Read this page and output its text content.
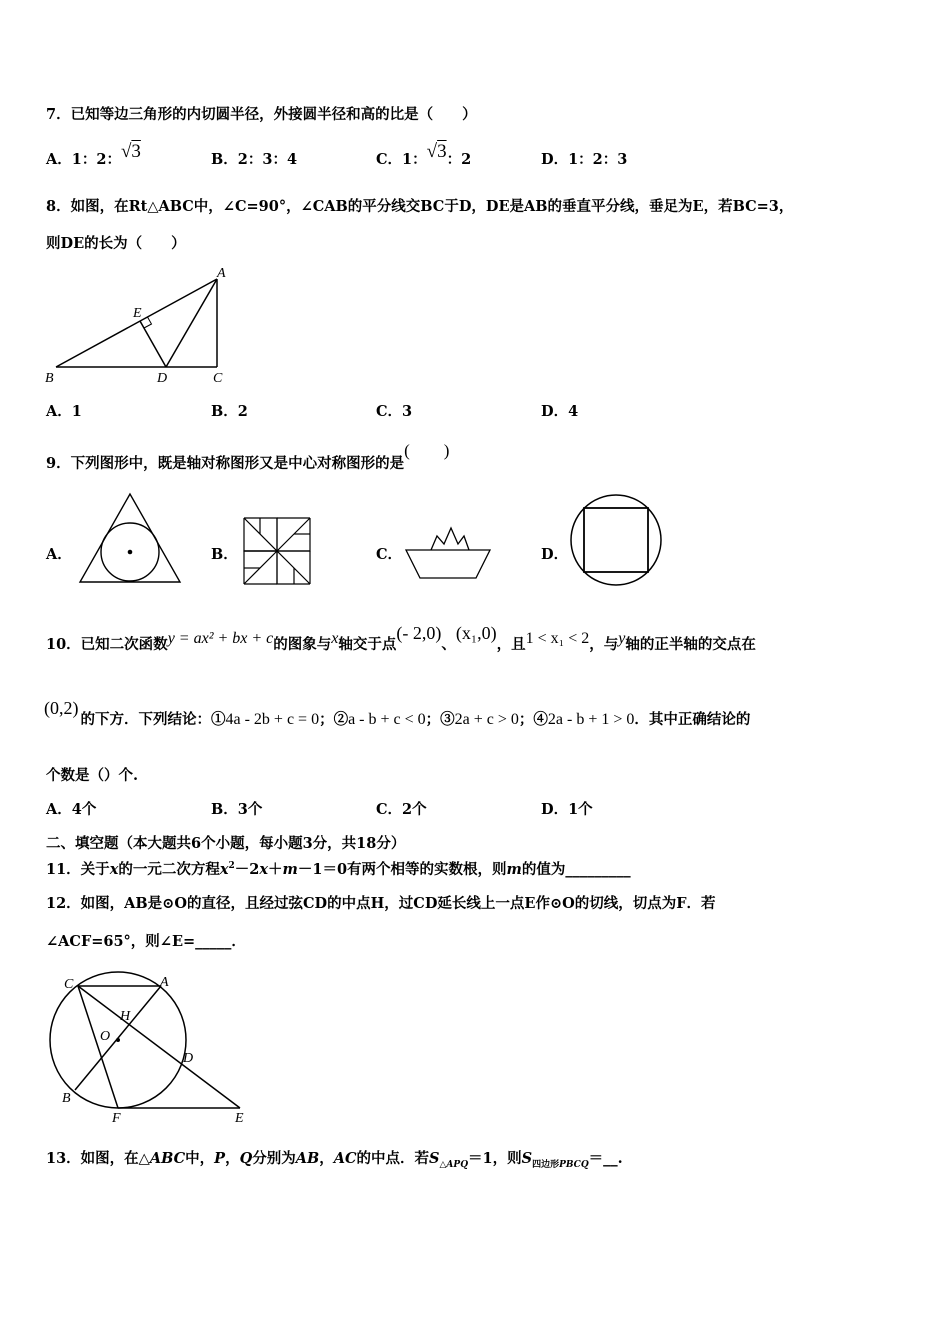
7．已知等边三角形的内切圆半径，外接圆半径和高的比是（　　）
A．1：2：√3	B．2：3：4	C．1：√3：2	D．1：2：3
8．如图，在Rt△ABC中，∠C=90°，∠CAB的平分线交BC于D，DE是AB的垂直平分线，垂足为E，若BC=3，
则DE的长为（　　）
A
B	C
D
E
A．1	B．2	C．3	D．4
9．下列图形中，既是轴对称图形又是中心对称图形的是(　　)
A．	B．	C．	D．
10．已知二次函数y = ax² + bx + c的图象与x轴交于点(- 2,0)、(x₁,0)，且1 < x₁ < 2，与y轴的正半轴的交点在
(0,2)的下方．下列结论：①4a - 2b + c = 0；②a - b + c < 0；③2a + c > 0；④2a - b + 1 > 0．其中正确结论的
个数是（）个.
A．4个	B．3个	C．2个	D．1个
二、填空题（本大题共6个小题，每小题3分，共18分）
11．关于x的一元二次方程$x^2-2x+m-1=0$有两个相等的实数根，则m的值为_________
12．如图，AB是⊙O的直径，且经过弦CD的中点H，过CD延长线上一点E作⊙O的切线，切点为F．若
∠ACF=65°，则∠E=_____．
C	A
H
O
D
B
F	E
13．如图，在△ABC中，P，Q分别为AB，AC的中点．若$S_{\triangle APQ}=1$，则$S_{四边形PBCQ}=\_\_$.
